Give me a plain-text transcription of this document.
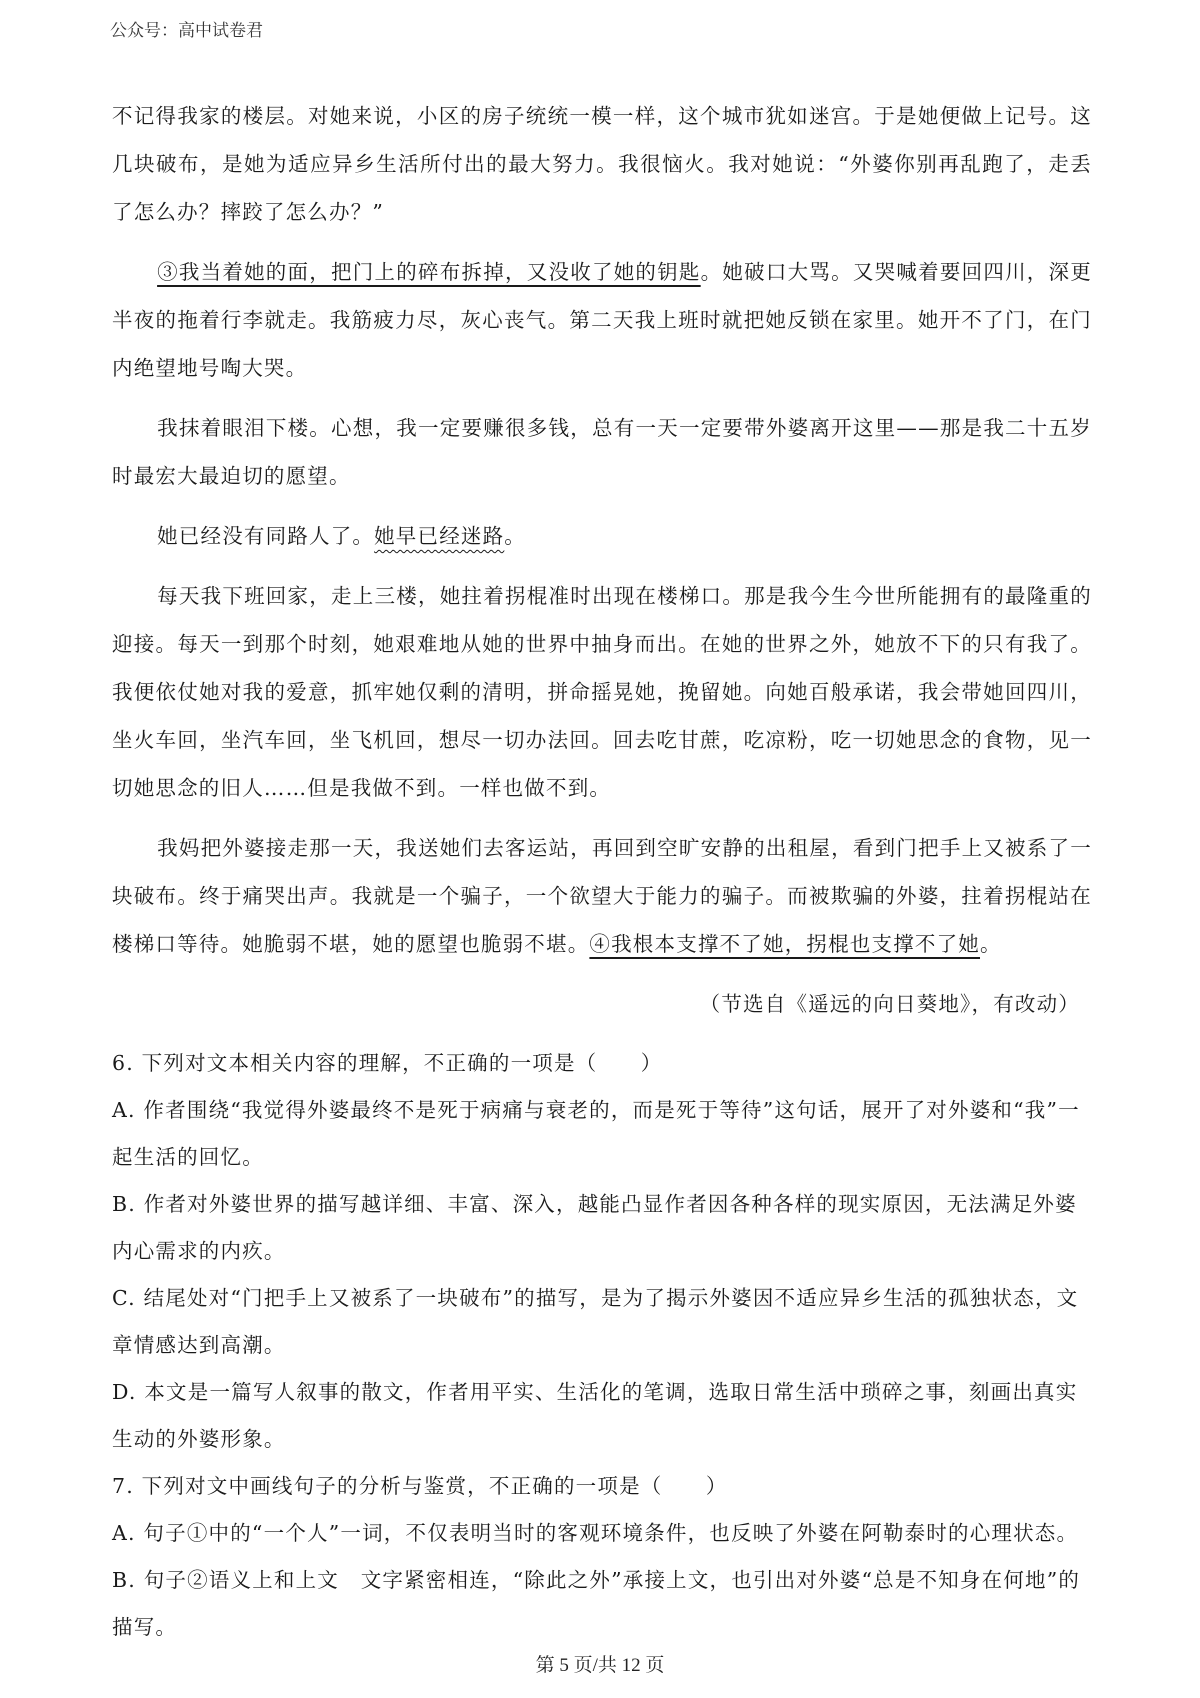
公众号：高中试卷君

不记得我家的楼层。对她来说，小区的房子统统一模一样，这个城市犹如迷宫。于是她便做上记号。这几块破布，是她为适应异乡生活所付出的最大努力。我很恼火。我对她说：“外婆你别再乱跑了，走丢了怎么办？摔跤了怎么办？”

③我当着她的面，把门上的碎布拆掉，又没收了她的钥匙。她破口大骂。又哭喊着要回四川，深更半夜的拖着行李就走。我筋疲力尽，灰心丧气。第二天我上班时就把她反锁在家里。她开不了门，在门内绝望地号啕大哭。

我抹着眼泪下楼。心想，我一定要赚很多钱，总有一天一定要带外婆离开这里——那是我二十五岁时最宏大最迫切的愿望。

她已经没有同路人了。她早已经迷路。

每天我下班回家，走上三楼，她拄着拐棍准时出现在楼梯口。那是我今生今世所能拥有的最隆重的迎接。每天一到那个时刻，她艰难地从她的世界中抽身而出。在她的世界之外，她放不下的只有我了。我便依仗她对我的爱意，抓牢她仅剩的清明，拼命摇晃她，挽留她。向她百般承诺，我会带她回四川，坐火车回，坐汽车回，坐飞机回，想尽一切办法回。回去吃甘蔗，吃凉粉，吃一切她思念的食物，见一切她思念的旧人……但是我做不到。一样也做不到。

我妈把外婆接走那一天，我送她们去客运站，再回到空旷安静的出租屋，看到门把手上又被系了一块破布。终于痛哭出声。我就是一个骗子，一个欲望大于能力的骗子。而被欺骗的外婆，拄着拐棍站在楼梯口等待。她脆弱不堪，她的愿望也脆弱不堪。④我根本支撑不了她，拐棍也支撑不了她。

（节选自《遥远的向日葵地》，有改动）

6. 下列对文本相关内容的理解，不正确的一项是（　　）

A. 作者围绕“我觉得外婆最终不是死于病痛与衰老的，而是死于等待”这句话，展开了对外婆和“我”一起生活的回忆。

B. 作者对外婆世界的描写越详细、丰富、深入，越能凸显作者因各种各样的现实原因，无法满足外婆内心需求的内疚。

C. 结尾处对“门把手上又被系了一块破布”的描写，是为了揭示外婆因不适应异乡生活的孤独状态，文章情感达到高潮。

D. 本文是一篇写人叙事的散文，作者用平实、生活化的笔调，选取日常生活中琐碎之事，刻画出真实生动的外婆形象。

7. 下列对文中画线句子的分析与鉴赏，不正确的一项是（　　）

A. 句子①中的“一个人”一词，不仅表明当时的客观环境条件，也反映了外婆在阿勒泰时的心理状态。

B. 句子②语义上和上文　文字紧密相连，“除此之外”承接上文，也引出对外婆“总是不知身在何地”的描写。

第 5 页/共 12 页
